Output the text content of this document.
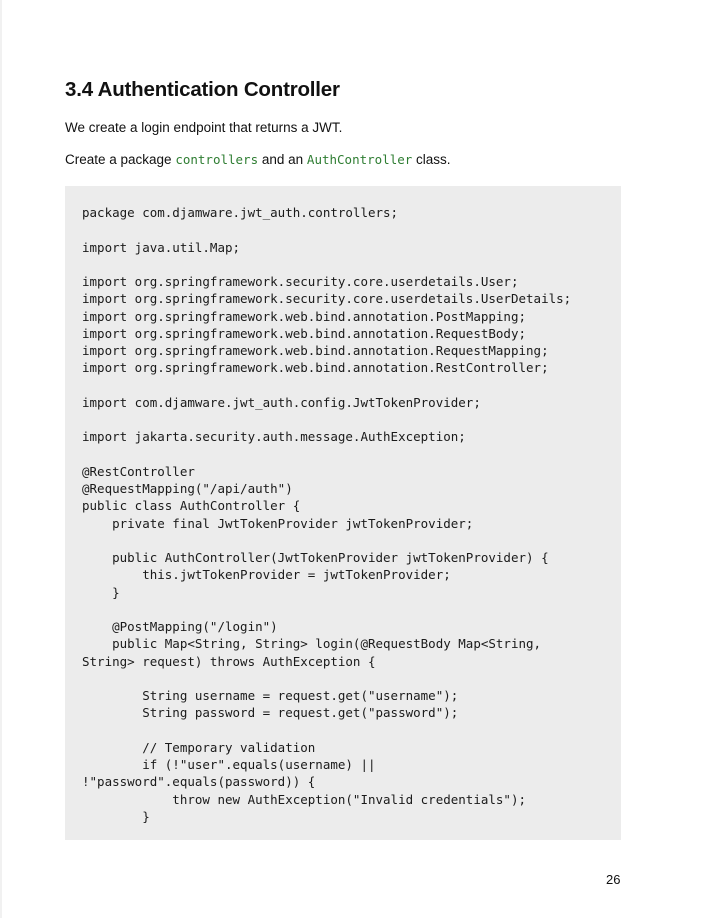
3.4 Authentication Controller

We create a login endpoint that returns a JWT.

Create a package controllers and an AuthController class.

package com.djamware.jwt_auth.controllers;

import java.util.Map;

import org.springframework.security.core.userdetails.User;
import org.springframework.security.core.userdetails.UserDetails;
import org.springframework.web.bind.annotation.PostMapping;
import org.springframework.web.bind.annotation.RequestBody;
import org.springframework.web.bind.annotation.RequestMapping;
import org.springframework.web.bind.annotation.RestController;

import com.djamware.jwt_auth.config.JwtTokenProvider;

import jakarta.security.auth.message.AuthException;

@RestController
@RequestMapping("/api/auth")
public class AuthController {
private final JwtTokenProvider jwtTokenProvider;

public AuthController(JwtTokenProvider jwtTokenProvider) {
this.jwtTokenProvider = jwtTokenProvider;
}

@PostMapping("/login")
public Map<String, String> login(@RequestBody Map<String,
String> request) throws AuthException {

String username = request.get("username");
String password = request.get("password");

// Temporary validation
if (!"user".equals(username) ||
!"password".equals(password)) {
throw new AuthException("Invalid credentials");
}
26
